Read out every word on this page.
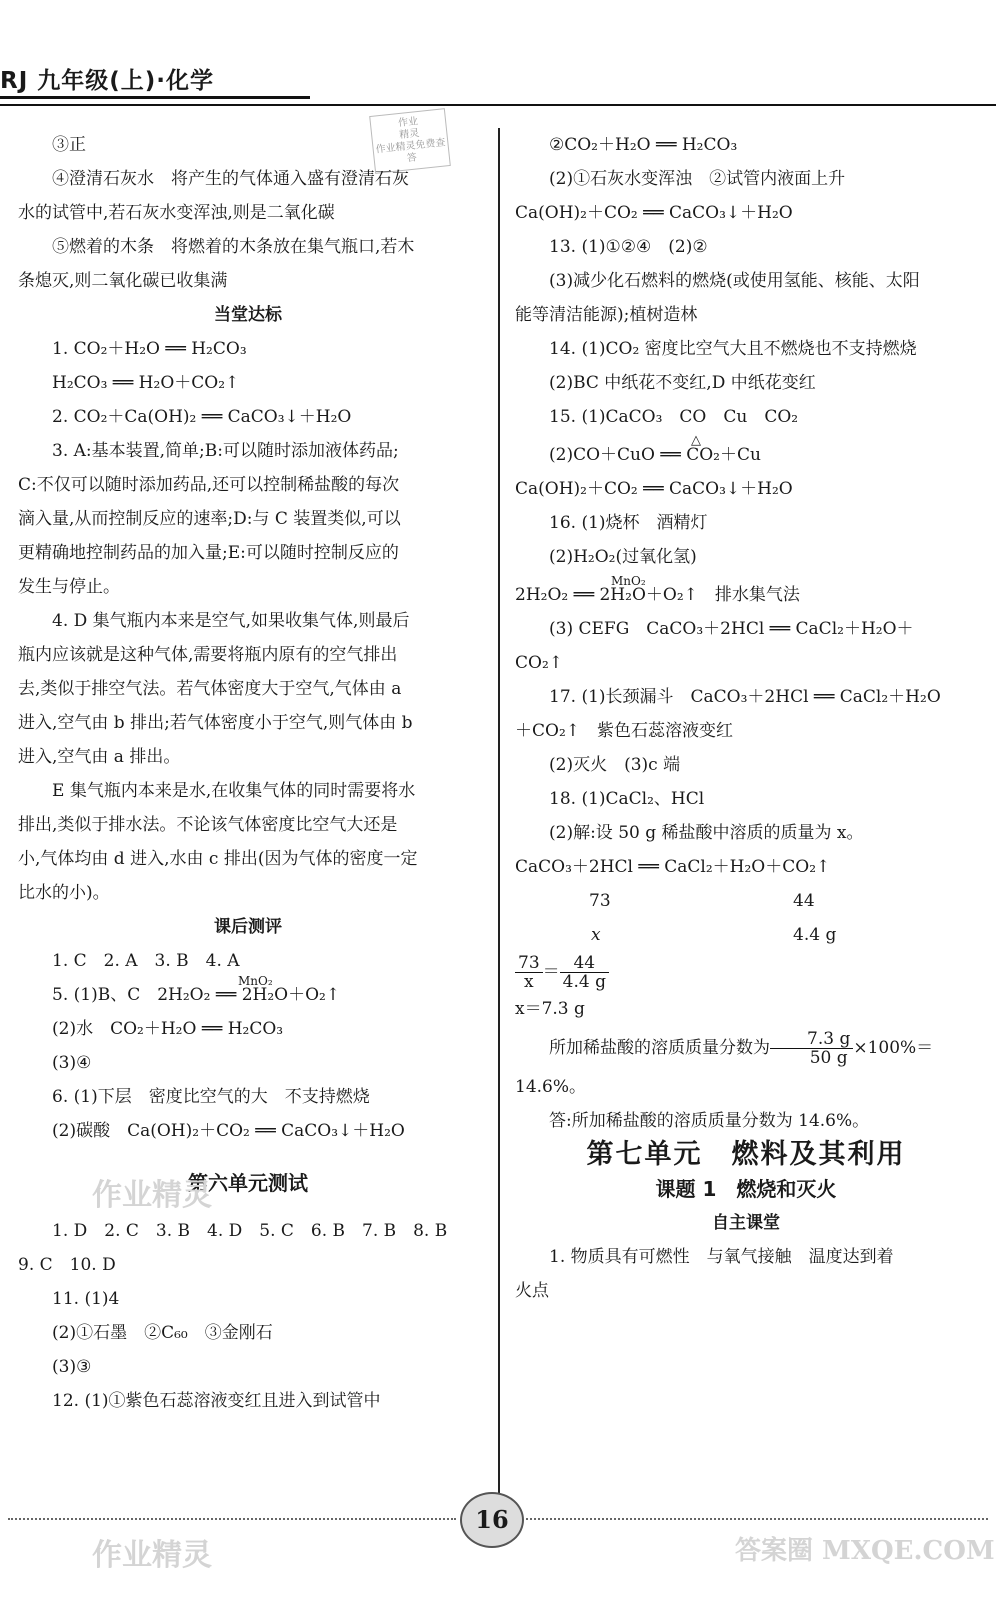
RJ 九年级(上)·化学
作业
精灵
作业精灵免费查答

③正

④澄清石灰水　将产生的气体通入盛有澄清石灰

水的试管中,若石灰水变浑浊,则是二氧化碳

⑤燃着的木条　将燃着的木条放在集气瓶口,若木

条熄灭,则二氧化碳已收集满

当堂达标

1. CO₂＋H₂O ══ H₂CO₃

H₂CO₃ ══ H₂O＋CO₂↑

2. CO₂＋Ca(OH)₂ ══ CaCO₃↓＋H₂O

3. A:基本装置,简单;B:可以随时添加液体药品;

C:不仅可以随时添加药品,还可以控制稀盐酸的每次

滴入量,从而控制反应的速率;D:与 C 装置类似,可以

更精确地控制药品的加入量;E:可以随时控制反应的

发生与停止。

4. D 集气瓶内本来是空气,如果收集气体,则最后

瓶内应该就是这种气体,需要将瓶内原有的空气排出

去,类似于排空气法。若气体密度大于空气,气体由 a

进入,空气由 b 排出;若气体密度小于空气,则气体由 b

进入,空气由 a 排出。

E 集气瓶内本来是水,在收集气体的同时需要将水

排出,类似于排水法。不论该气体密度比空气大还是

小,气体均由 d 进入,水由 c 排出(因为气体的密度一定

比水的小)。

课后测评

1. C　2. A　3. B　4. A

5. (1)B、C　2H₂O₂ ══ 2H₂O＋O₂↑
MnO₂

(2)水　CO₂＋H₂O ══ H₂CO₃

(3)④

6. (1)下层　密度比空气的大　不支持燃烧

(2)碳酸　Ca(OH)₂＋CO₂ ══ CaCO₃↓＋H₂O

第六单元测试

1. D　2. C　3. B　4. D　5. C　6. B　7. B　8. B

9. C　10. D

11. (1)4

(2)①石墨　②C₆₀　③金刚石

(3)③

12. (1)①紫色石蕊溶液变红且进入到试管中

②CO₂＋H₂O ══ H₂CO₃

(2)①石灰水变浑浊　②试管内液面上升

Ca(OH)₂＋CO₂ ══ CaCO₃↓＋H₂O

13. (1)①②④　(2)②

(3)减少化石燃料的燃烧(或使用氢能、核能、太阳

能等清洁能源);植树造林

14. (1)CO₂ 密度比空气大且不燃烧也不支持燃烧

(2)BC 中纸花不变红,D 中纸花变红

15. (1)CaCO₃　CO　Cu　CO₂

(2)CO＋CuO ══ CO₂＋Cu
△

Ca(OH)₂＋CO₂ ══ CaCO₃↓＋H₂O

16. (1)烧杯　酒精灯

(2)H₂O₂(过氧化氢)

2H₂O₂ ══ 2H₂O＋O₂↑　排水集气法
MnO₂

(3) CEFG　CaCO₃＋2HCl ══ CaCl₂＋H₂O＋

CO₂↑

17. (1)长颈漏斗　CaCO₃＋2HCl ══ CaCl₂＋H₂O

＋CO₂↑　紫色石蕊溶液变红

(2)灭火　(3)c 端

18. (1)CaCl₂、HCl

(2)解:设 50 g 稀盐酸中溶质的质量为 x。

CaCO₃＋2HCl ══ CaCl₂＋H₂O＋CO₂↑

73	44

x	4.4 g

$\frac{73}{x} = \frac{44}{4.4 g}$

x＝7.3 g

所加稀盐酸的溶质质量分数为 $\frac{7.3 g}{50 g} \times 100\%=$

14.6%。

答:所加稀盐酸的溶质质量分数为 14.6%。

第七单元　燃料及其利用

课题 1　燃烧和灭火

自主课堂

1. 物质具有可燃性　与氧气接触　温度达到着

火点

作业精灵
作业精灵	答案圈 MXQE.COM
16
